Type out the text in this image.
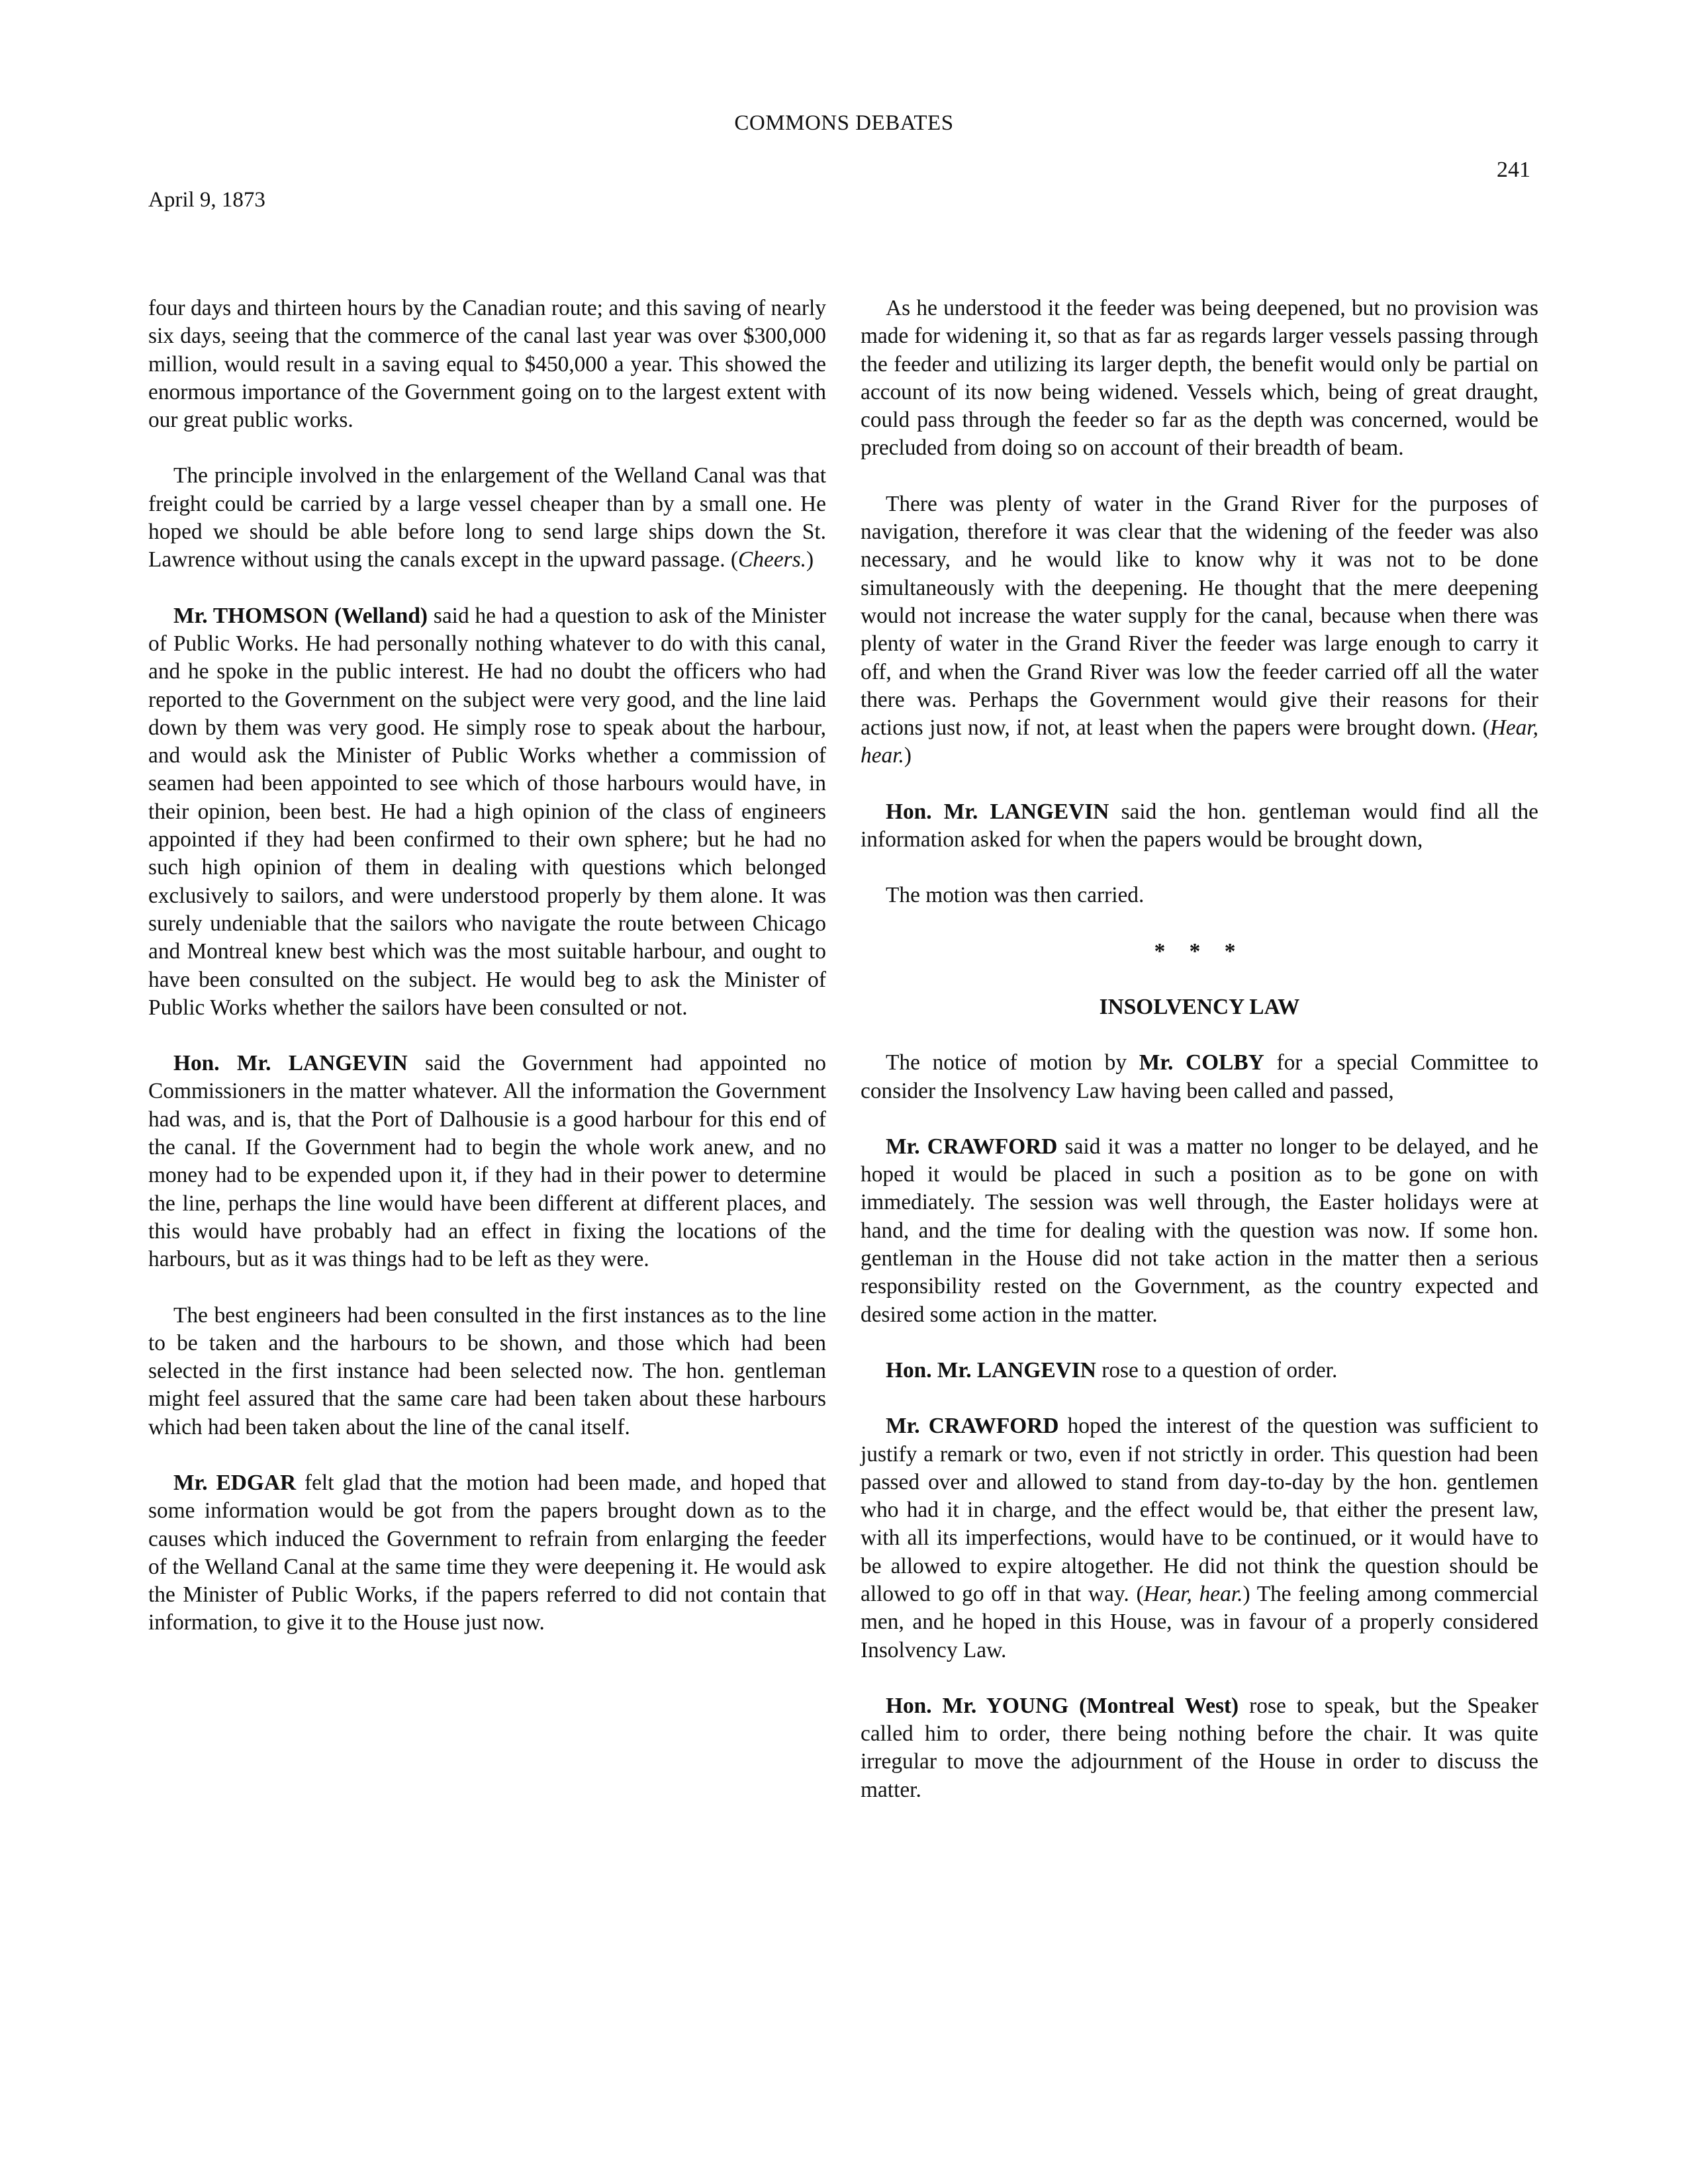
COMMONS DEBATES
241
April 9, 1873

four days and thirteen hours by the Canadian route; and this saving of nearly six days, seeing that the commerce of the canal last year was over $300,000 million, would result in a saving equal to $450,000 a year. This showed the enormous importance of the Government going on to the largest extent with our great public works.

The principle involved in the enlargement of the Welland Canal was that freight could be carried by a large vessel cheaper than by a small one. He hoped we should be able before long to send large ships down the St. Lawrence without using the canals except in the upward passage. (Cheers.)

Mr. THOMSON (Welland) said he had a question to ask of the Minister of Public Works. He had personally nothing whatever to do with this canal, and he spoke in the public interest. He had no doubt the officers who had reported to the Government on the subject were very good, and the line laid down by them was very good. He simply rose to speak about the harbour, and would ask the Minister of Public Works whether a commission of seamen had been appointed to see which of those harbours would have, in their opinion, been best. He had a high opinion of the class of engineers appointed if they had been confirmed to their own sphere; but he had no such high opinion of them in dealing with questions which belonged exclusively to sailors, and were understood properly by them alone. It was surely undeniable that the sailors who navigate the route between Chicago and Montreal knew best which was the most suitable harbour, and ought to have been consulted on the subject. He would beg to ask the Minister of Public Works whether the sailors have been consulted or not.

Hon. Mr. LANGEVIN said the Government had appointed no Commissioners in the matter whatever. All the information the Government had was, and is, that the Port of Dalhousie is a good harbour for this end of the canal. If the Government had to begin the whole work anew, and no money had to be expended upon it, if they had in their power to determine the line, perhaps the line would have been different at different places, and this would have probably had an effect in fixing the locations of the harbours, but as it was things had to be left as they were.

The best engineers had been consulted in the first instances as to the line to be taken and the harbours to be shown, and those which had been selected in the first instance had been selected now. The hon. gentleman might feel assured that the same care had been taken about these harbours which had been taken about the line of the canal itself.

Mr. EDGAR felt glad that the motion had been made, and hoped that some information would be got from the papers brought down as to the causes which induced the Government to refrain from enlarging the feeder of the Welland Canal at the same time they were deepening it. He would ask the Minister of Public Works, if the papers referred to did not contain that information, to give it to the House just now.

As he understood it the feeder was being deepened, but no provision was made for widening it, so that as far as regards larger vessels passing through the feeder and utilizing its larger depth, the benefit would only be partial on account of its now being widened. Vessels which, being of great draught, could pass through the feeder so far as the depth was concerned, would be precluded from doing so on account of their breadth of beam.

There was plenty of water in the Grand River for the purposes of navigation, therefore it was clear that the widening of the feeder was also necessary, and he would like to know why it was not to be done simultaneously with the deepening. He thought that the mere deepening would not increase the water supply for the canal, because when there was plenty of water in the Grand River the feeder was large enough to carry it off, and when the Grand River was low the feeder carried off all the water there was. Perhaps the Government would give their reasons for their actions just now, if not, at least when the papers were brought down. (Hear, hear.)

Hon. Mr. LANGEVIN said the hon. gentleman would find all the information asked for when the papers would be brought down,

The motion was then carried.

* * *
INSOLVENCY LAW

The notice of motion by Mr. COLBY for a special Committee to consider the Insolvency Law having been called and passed,

Mr. CRAWFORD said it was a matter no longer to be delayed, and he hoped it would be placed in such a position as to be gone on with immediately. The session was well through, the Easter holidays were at hand, and the time for dealing with the question was now. If some hon. gentleman in the House did not take action in the matter then a serious responsibility rested on the Government, as the country expected and desired some action in the matter.

Hon. Mr. LANGEVIN rose to a question of order.

Mr. CRAWFORD hoped the interest of the question was sufficient to justify a remark or two, even if not strictly in order. This question had been passed over and allowed to stand from day-to-day by the hon. gentlemen who had it in charge, and the effect would be, that either the present law, with all its imperfections, would have to be continued, or it would have to be allowed to expire altogether. He did not think the question should be allowed to go off in that way. (Hear, hear.) The feeling among commercial men, and he hoped in this House, was in favour of a properly considered Insolvency Law.

Hon. Mr. YOUNG (Montreal West) rose to speak, but the Speaker called him to order, there being nothing before the chair. It was quite irregular to move the adjournment of the House in order to discuss the matter.
